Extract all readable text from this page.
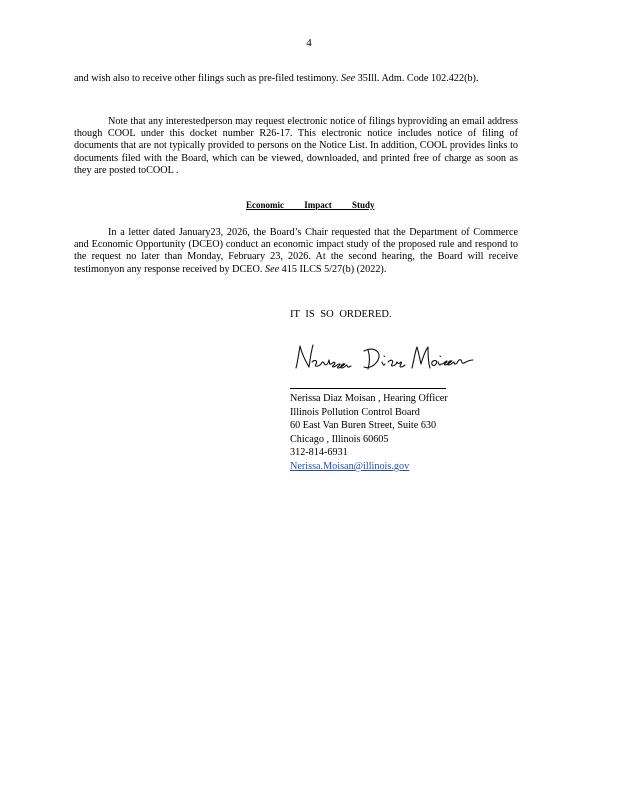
4
and wish also to receive other filings such as pre-filed testimony. See 35Ill. Adm. Code 102.422(b).
Note that any interestedperson may request electronic notice of filings byproviding an email address though COOL under this docket number R26-17. This electronic notice includes notice of filing of documents that are not typically provided to persons on the Notice List. In addition, COOL provides links to documents filed with the Board, which can be viewed, downloaded, and printed free of charge as soon as they are posted toCOOL .
Economic Impact Study
In a letter dated January23, 2026, the Board’s Chair requested that the Department of Commerce and Economic Opportunity (DCEO) conduct an economic impact study of the proposed rule and respond to the request no later than Monday, February 23, 2026. At the second hearing, the Board will receive testimonyon any response received by DCEO. See 415 ILCS 5/27(b) (2022).
IT IS SO ORDERED.
Nerissa Diaz Moisan , Hearing Officer
Illinois Pollution Control Board
60 East Van Buren Street, Suite 630
Chicago , Illinois 60605
312-814-6931
Nerissa.Moisan@illinois.gov
